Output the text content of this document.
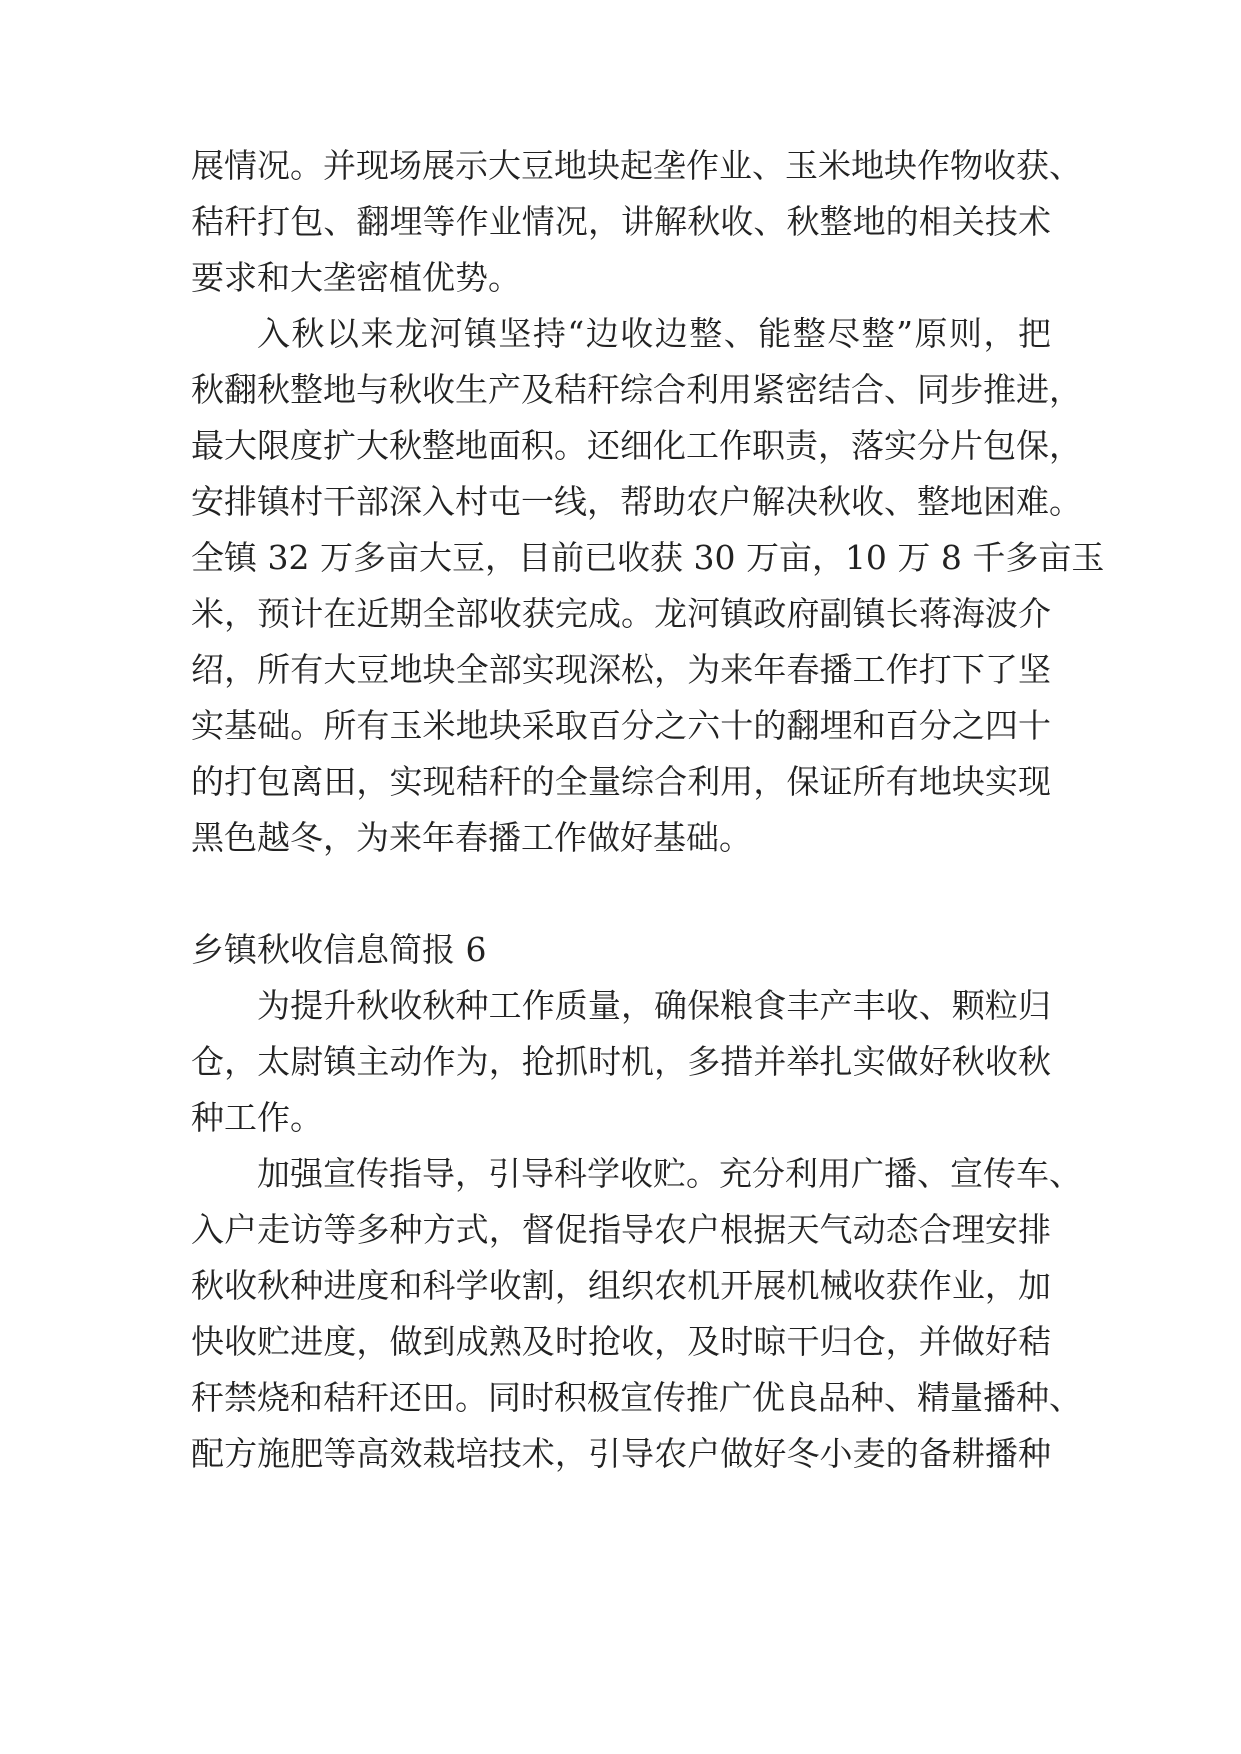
展情况。并现场展示大豆地块起垄作业、玉米地块作物收获、
秸秆打包、翻埋等作业情况，讲解秋收、秋整地的相关技术
要求和大垄密植优势。
入秋以来龙河镇坚持“边收边整、能整尽整”原则，把
秋翻秋整地与秋收生产及秸秆综合利用紧密结合、同步推进，
最大限度扩大秋整地面积。还细化工作职责，落实分片包保，
安排镇村干部深入村屯一线，帮助农户解决秋收、整地困难。
全镇 32 万多亩大豆，目前已收获 30 万亩，10 万 8 千多亩玉
米，预计在近期全部收获完成。龙河镇政府副镇长蒋海波介
绍，所有大豆地块全部实现深松，为来年春播工作打下了坚
实基础。所有玉米地块采取百分之六十的翻埋和百分之四十
的打包离田，实现秸秆的全量综合利用，保证所有地块实现
黑色越冬，为来年春播工作做好基础。
乡镇秋收信息简报 6
为提升秋收秋种工作质量，确保粮食丰产丰收、颗粒归
仓，太尉镇主动作为，抢抓时机，多措并举扎实做好秋收秋
种工作。
加强宣传指导，引导科学收贮。充分利用广播、宣传车、
入户走访等多种方式，督促指导农户根据天气动态合理安排
秋收秋种进度和科学收割，组织农机开展机械收获作业，加
快收贮进度，做到成熟及时抢收，及时晾干归仓，并做好秸
秆禁烧和秸秆还田。同时积极宣传推广优良品种、精量播种、
配方施肥等高效栽培技术，引导农户做好冬小麦的备耕播种
